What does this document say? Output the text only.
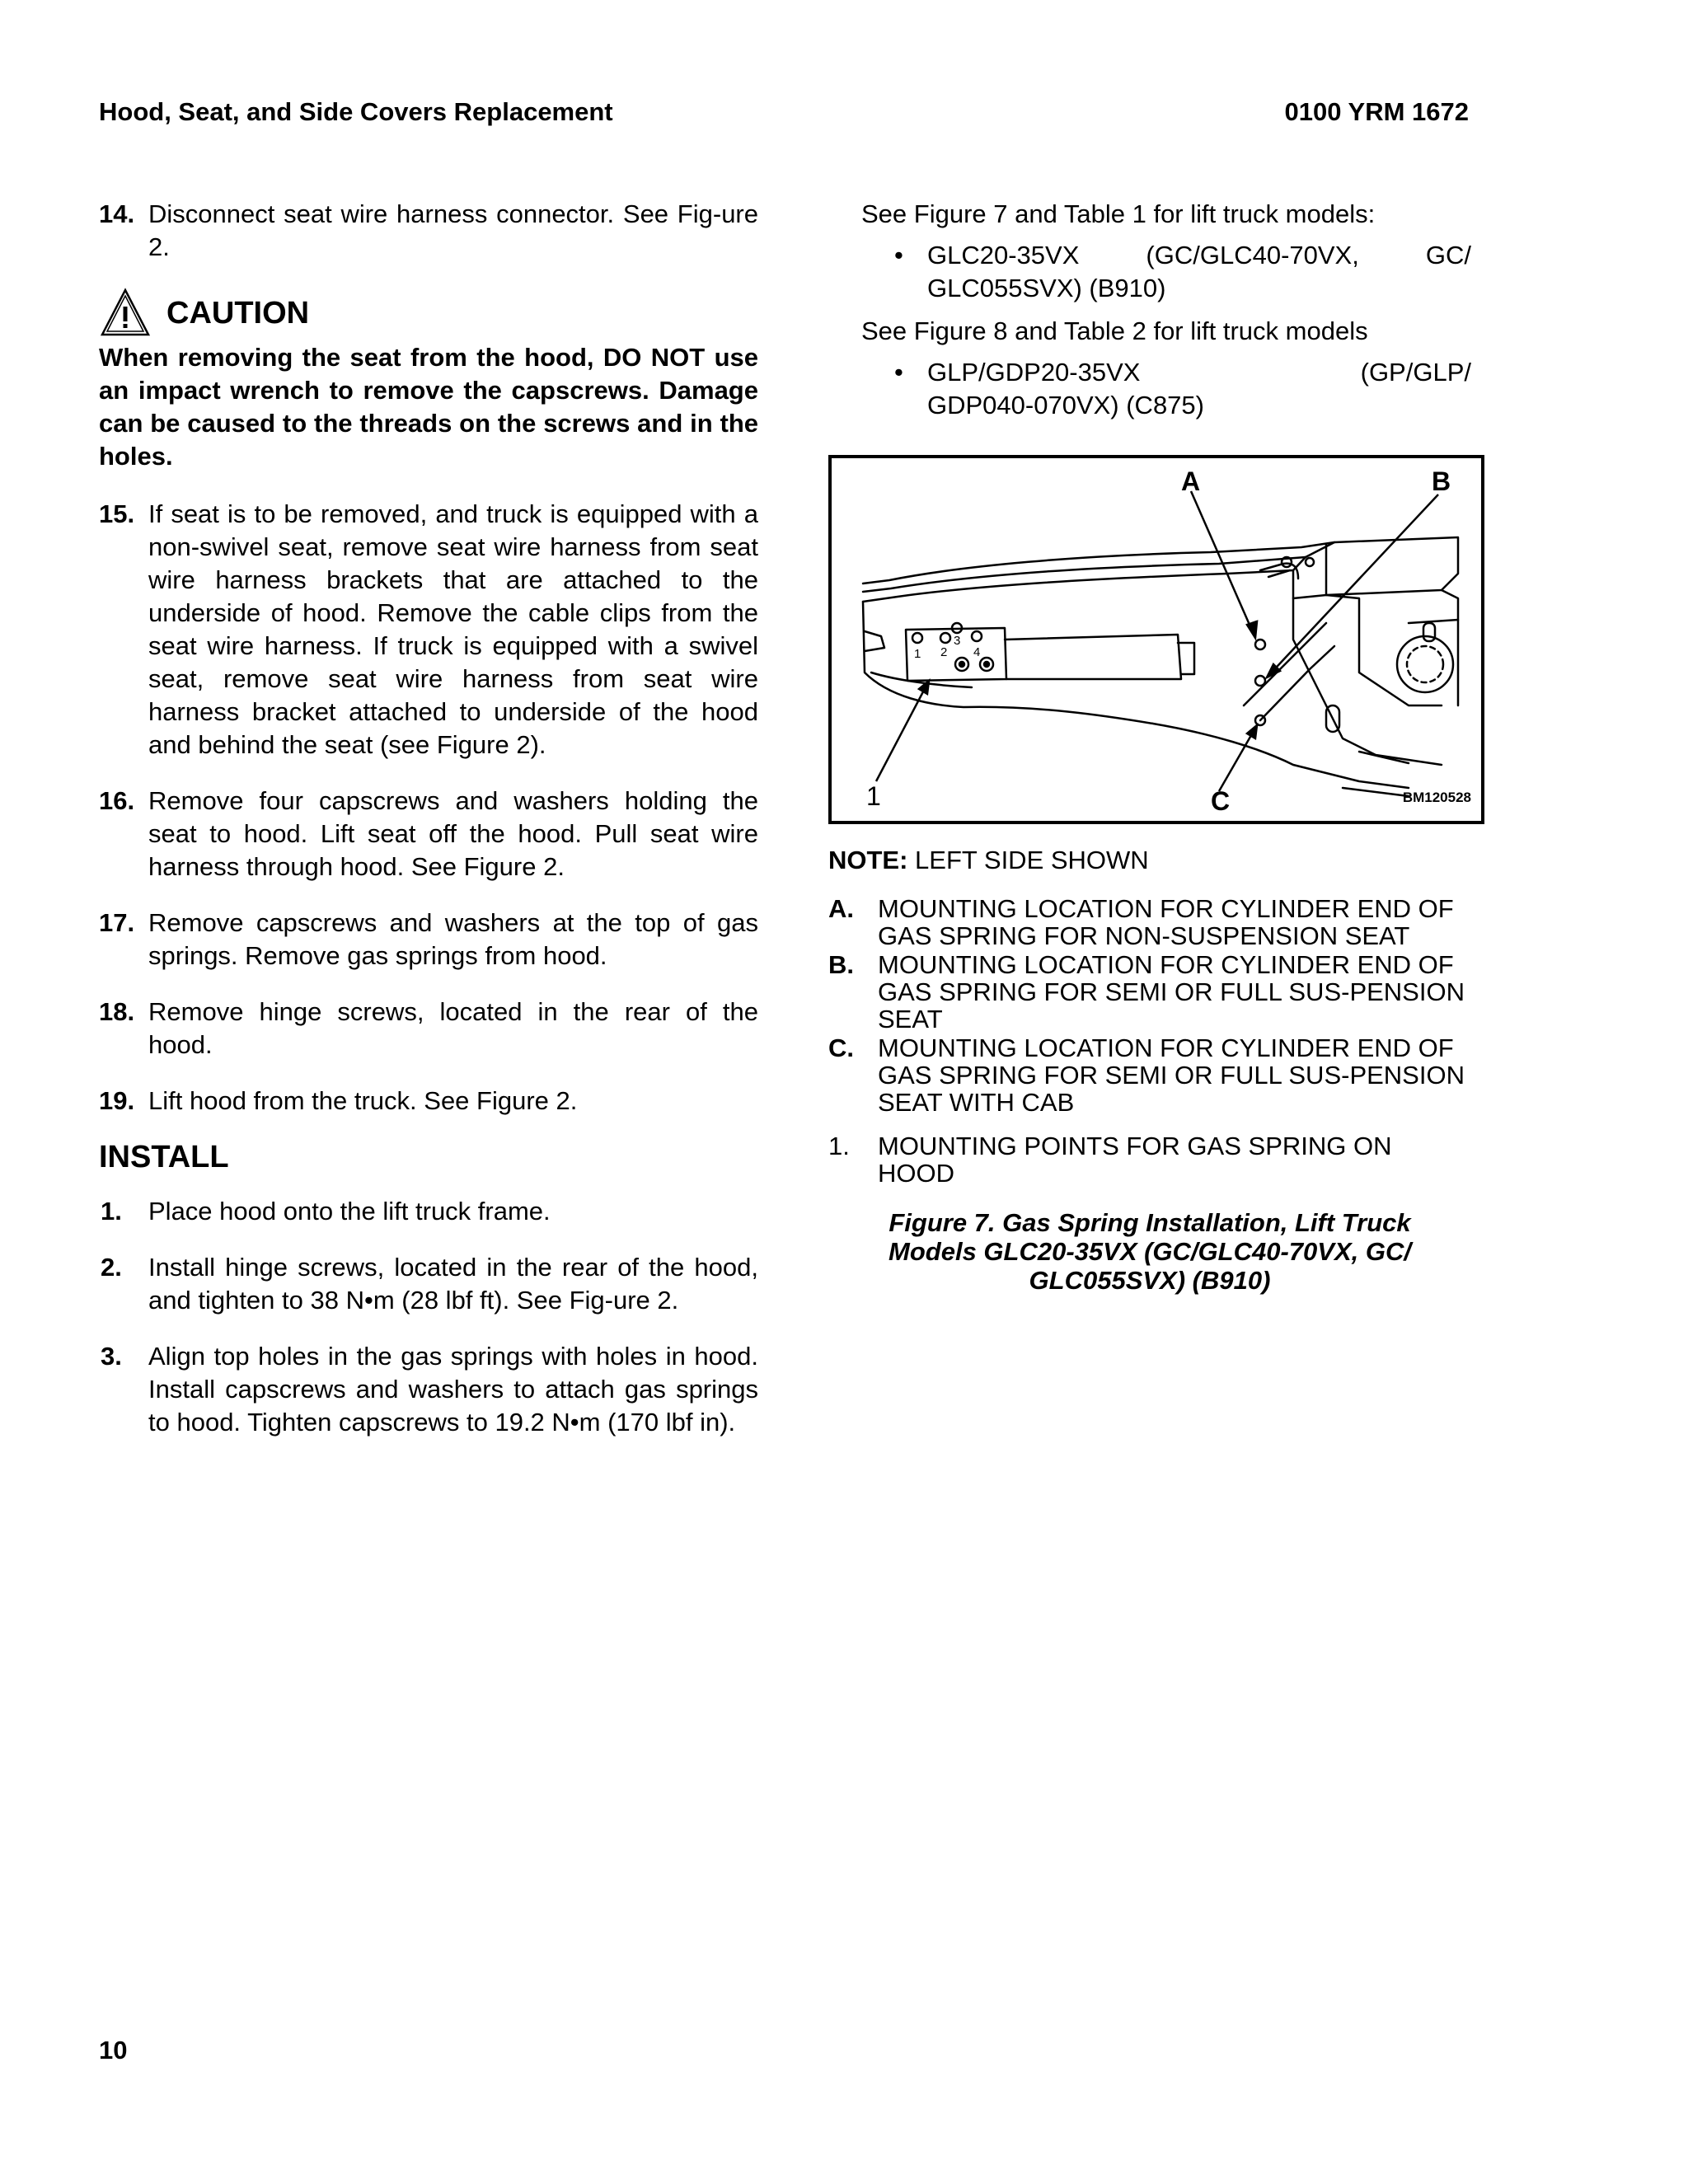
Hood, Seat, and Side Covers Replacement	0100 YRM 1672
14. Disconnect seat wire harness connector. See Fig-ure 2.
CAUTION
When removing the seat from the hood, DO NOT use an impact wrench to remove the capscrews. Damage can be caused to the threads on the screws and in the holes.
15. If seat is to be removed, and truck is equipped with a non-swivel seat, remove seat wire harness from seat wire harness brackets that are attached to the underside of hood. Remove the cable clips from the seat wire harness. If truck is equipped with a swivel seat, remove seat wire harness from seat wire harness bracket attached to underside of the hood and behind the seat (see Figure 2).
16. Remove four capscrews and washers holding the seat to hood. Lift seat off the hood. Pull seat wire harness through hood. See Figure 2.
17. Remove capscrews and washers at the top of gas springs. Remove gas springs from hood.
18. Remove hinge screws, located in the rear of the hood.
19. Lift hood from the truck. See Figure 2.
INSTALL
1. Place hood onto the lift truck frame.
2. Install hinge screws, located in the rear of the hood, and tighten to 38 N•m (28 lbf ft). See Fig-ure 2.
3. Align top holes in the gas springs with holes in hood. Install capscrews and washers to attach gas springs to hood. Tighten capscrews to 19.2 N•m (170 lbf in).
See Figure 7 and Table 1 for lift truck models:
• GLC20-35VX	(GC/GLC40-70VX,	GC/
GLC055SVX) (B910)
See Figure 8 and Table 2 for lift truck models
• GLP/GDP20-35VX	(GP/GLP/
GDP040-070VX) (C875)
1 2
3
4
A	B
C
1	BM120528
NOTE: LEFT SIDE SHOWN
A. MOUNTING LOCATION FOR CYLINDER END OF GAS SPRING FOR NON-SUSPENSION SEAT
B. MOUNTING LOCATION FOR CYLINDER END OF GAS SPRING FOR SEMI OR FULL SUS-PENSION SEAT
C. MOUNTING LOCATION FOR CYLINDER END OF GAS SPRING FOR SEMI OR FULL SUS-PENSION SEAT WITH CAB
1. MOUNTING POINTS FOR GAS SPRING ON HOOD
Figure 7. Gas Spring Installation, Lift Truck Models GLC20-35VX (GC/GLC40-70VX, GC/ GLC055SVX) (B910)
10
